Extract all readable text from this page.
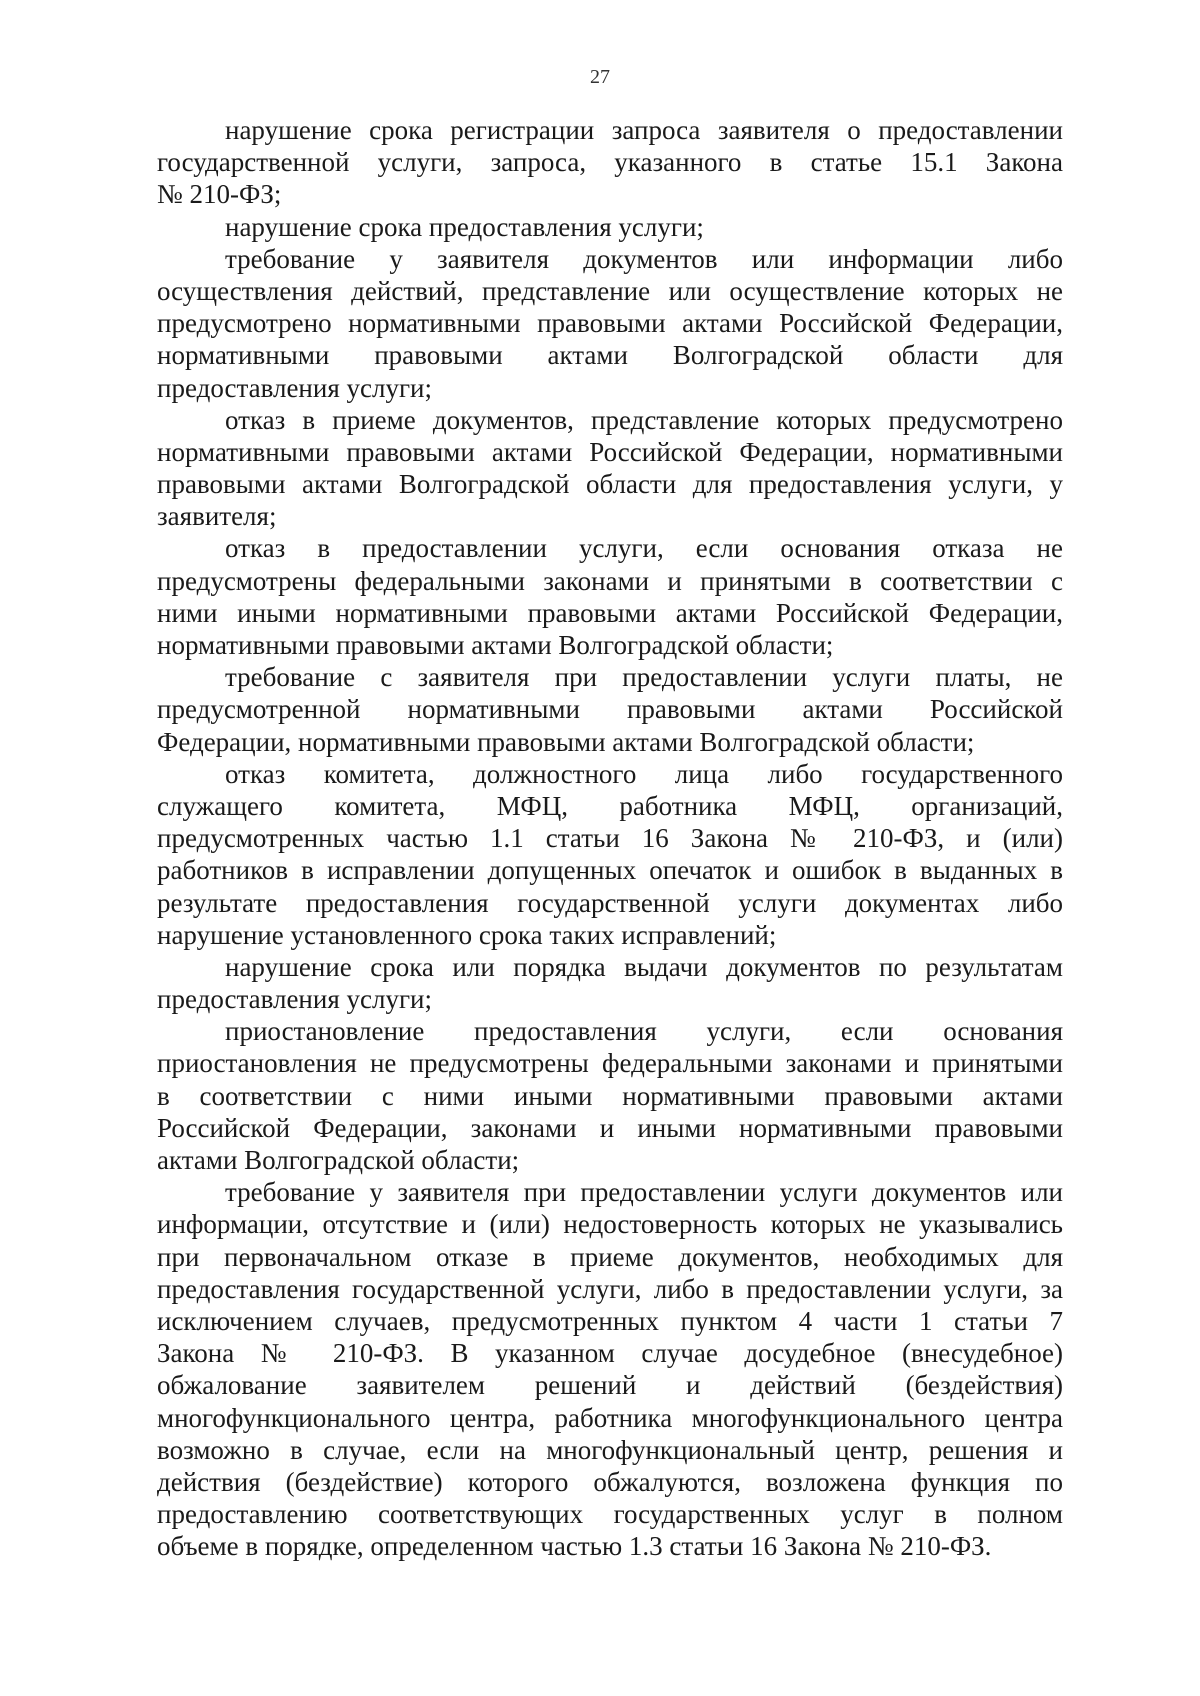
27
нарушение срока регистрации запроса заявителя о предоставлении
государственной услуги, запроса, указанного в статье 15.1 Закона
№ 210-ФЗ;
нарушение срока предоставления услуги;
требование у заявителя документов или информации либо
осуществления действий, представление или осуществление которых не
предусмотрено нормативными правовыми актами Российской Федерации,
нормативными правовыми актами Волгоградской области для
предоставления услуги;
отказ в приеме документов, представление которых предусмотрено
нормативными правовыми актами Российской Федерации, нормативными
правовыми актами Волгоградской области для предоставления услуги, у
заявителя;
отказ в предоставлении услуги, если основания отказа не
предусмотрены федеральными законами и принятыми в соответствии с
ними иными нормативными правовыми актами Российской Федерации,
нормативными правовыми актами Волгоградской области;
требование с заявителя при предоставлении услуги платы, не
предусмотренной нормативными правовыми актами Российской
Федерации, нормативными правовыми актами Волгоградской области;
отказ комитета, должностного лица либо государственного
служащего комитета, МФЦ, работника МФЦ, организаций,
предусмотренных частью 1.1 статьи 16 Закона № 210-ФЗ, и (или)
работников в исправлении допущенных опечаток и ошибок в выданных в
результате предоставления государственной услуги документах либо
нарушение установленного срока таких исправлений;
нарушение срока или порядка выдачи документов по результатам
предоставления услуги;
приостановление предоставления услуги, если основания
приостановления не предусмотрены федеральными законами и принятыми
в соответствии с ними иными нормативными правовыми актами
Российской Федерации, законами и иными нормативными правовыми
актами Волгоградской области;
требование у заявителя при предоставлении услуги документов или
информации, отсутствие и (или) недостоверность которых не указывались
при первоначальном отказе в приеме документов, необходимых для
предоставления государственной услуги, либо в предоставлении услуги, за
исключением случаев, предусмотренных пунктом 4 части 1 статьи 7
Закона № 210-ФЗ. В указанном случае досудебное (внесудебное)
обжалование заявителем решений и действий (бездействия)
многофункционального центра, работника многофункционального центра
возможно в случае, если на многофункциональный центр, решения и
действия (бездействие) которого обжалуются, возложена функция по
предоставлению соответствующих государственных услуг в полном
объеме в порядке, определенном частью 1.3 статьи 16 Закона № 210-ФЗ.
